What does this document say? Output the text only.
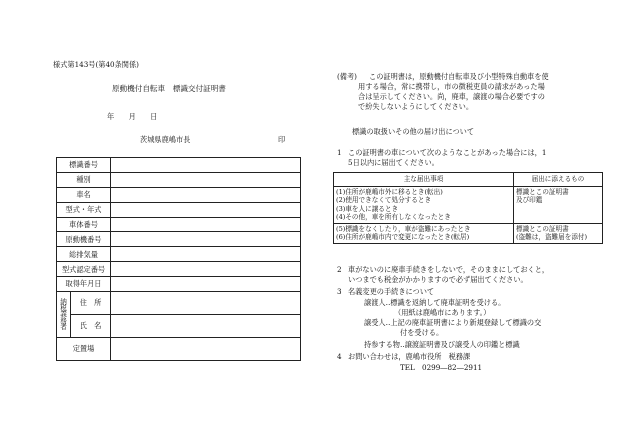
様式第143号(第40条関係)
原動機付自転車　標識交付証明書
年　　月　　日
茨城県鹿嶋市長	印
標識番号		
種別		
車名		
型式・年式		
車体番号		
原動機番号		
総排気量		
型式認定番号		
取得年月日		

納
税
義
務
者	住　所	
	氏　名	
定置場		
(備考) この証明書は，原動機付自転車及び小型特殊自動車を使
用する場合，常に携帯し，市の徴税吏員の請求があった場
合は呈示してください。尚，廃車，譲渡の場合必要ですの
で紛失しないようにしてください。
標識の取扱いその他の届け出について
1 この証明書の車について次のようなことがあった場合には，1
5日以内に届出てください。
主な届出事項	届出に添えるもの

(1)住所が鹿嶋市外に移るとき(転出)
(2)使用できなくて処分するとき
(3)車を人に譲るとき
(4)その他，車を所有しなくなったとき	標識とこの証明書
及び印鑑

(5)標識をなくしたり，車が盗難にあったとき
(6)住所が鹿嶋市内で変更になったとき(転居)	標識とこの証明書
(盗難は，盗難届を添付)
2 車がないのに廃車手続きをしないで，そのままにしておくと，
いつまでも税金がかかりますので必ず届出てください。
3 名義変更の手続きについて
譲渡人‥標識を返納して廃車証明を受ける。
（用紙は鹿嶋市にあります。）
譲受人‥上記の廃車証明書により新規登録して標識の交
付を受ける。
持参する物‥譲渡証明書及び譲受人の印鑑と標識
4 お問い合わせは，鹿嶋市役所　税務課
TEL　0299―82―2911
